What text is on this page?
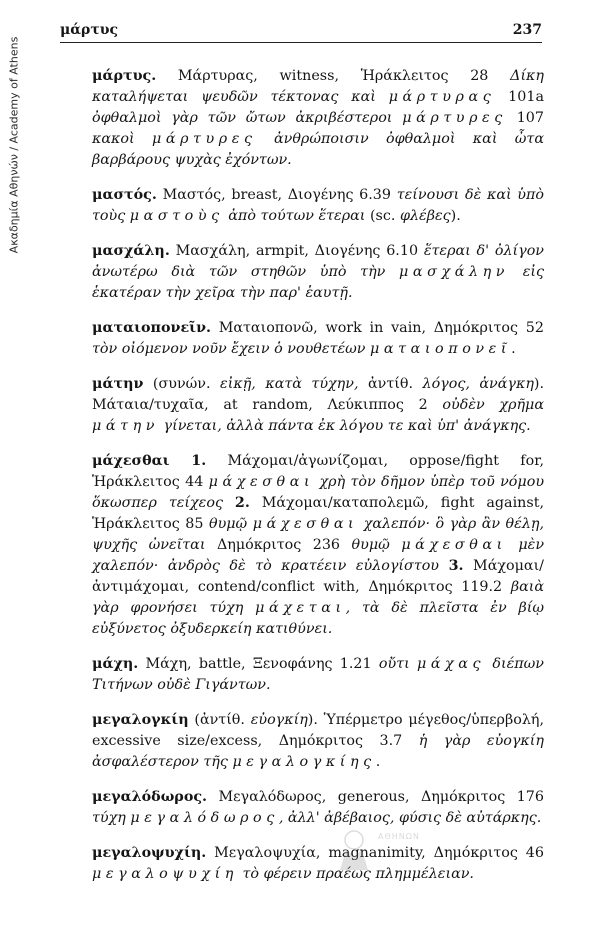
Ακαδημία Αθηνών / Academy of Athens
μάρτυς	237

μάρτυς. Μάρτυρας, witness, Ἡράκλειτος 28 Δίκη καταλήψεται ψευδῶν τέκτονας καὶ μάρτυρας 101a ὀφθαλμοὶ γὰρ τῶν ὤτων ἀκριβέστεροι μάρτυρες 107 κακοὶ μάρτυρες ἀνθρώποισιν ὀφθαλμοὶ καὶ ὦτα βαρβάρους ψυχὰς ἐχόντων.

μαστός. Μαστός, breast, Διογένης 6.39 τείνουσι δὲ καὶ ὑπὸ τοὺς μαστοὺς ἀπὸ τούτων ἕτεραι (sc. φλέβες).

μασχάλη. Μασχάλη, armpit, Διογένης 6.10 ἕτεραι δ' ὀλίγον ἀνωτέρω διὰ τῶν στηθῶν ὑπὸ τὴν μασχάλην εἰς ἑκατέραν τὴν χεῖρα τὴν παρ' ἑαυτῇ.

ματαιοπονεῖν. Ματαιοπονῶ, work in vain, Δημόκριτος 52 τὸν οἰόμενον νοῦν ἔχειν ὁ νουθετέων ματαιοπονεῖ.

μάτην (συνών. εἰκῇ, κατὰ τύχην, ἀντίθ. λόγος, ἀνάγκη). Μάταια/τυχαῖα, at random, Λεύκιππος 2 οὐδὲν χρῆμα μάτην γίνεται, ἀλλὰ πάντα ἐκ λόγου τε καὶ ὑπ' ἀνάγκης.

μάχεσθαι 1. Μάχομαι/ἀγωνίζομαι, oppose/fight for, Ἡράκλειτος 44 μάχεσθαι χρὴ τὸν δῆμον ὑπὲρ τοῦ νόμου ὅκωσπερ τείχεος 2. Μάχομαι/καταπολεμῶ, fight against, Ἡράκλειτος 85 θυμῷ μάχεσθαι χαλεπόν· ὃ γὰρ ἂν θέλῃ, ψυχῆς ὠνεῖται Δημόκριτος 236 θυμῷ μάχεσθαι μὲν χαλεπόν· ἀνδρὸς δὲ τὸ κρατέειν εὐλογίστου 3. Μάχομαι/ἀντιμάχομαι, contend/conflict with, Δημόκριτος 119.2 βαιὰ γὰρ φρονήσει τύχη μάχεται, τὰ δὲ πλεῖστα ἐν βίῳ εὐξύνετος ὀξυδερκείη κατιθύνει.

μάχη. Μάχη, battle, Ξενοφάνης 1.21 οὔτι μάχας διέπων Τιτήνων οὐδὲ Γιγάντων.

μεγαλογκίη (ἀντίθ. εὐογκίη). Ὑπέρμετρο μέγεθος/ὑπερβολή, excessive size/excess, Δημόκριτος 3.7 ἡ γὰρ εὐογκίη ἀσφαλέστερον τῆς μεγαλογκίης.

μεγαλόδωρος. Μεγαλόδωρος, generous, Δημόκριτος 176 τύχη μεγαλόδωρος, ἀλλ' ἀβέβαιος, φύσις δὲ αὐτάρκης.

μεγαλοψυχίη. Μεγαλοψυχία, magnanimity, Δημόκριτος 46 μεγαλοψυχίη τὸ φέρειν πραέως πλημμέλειαν.

ΑΘΗΝΩΝ
